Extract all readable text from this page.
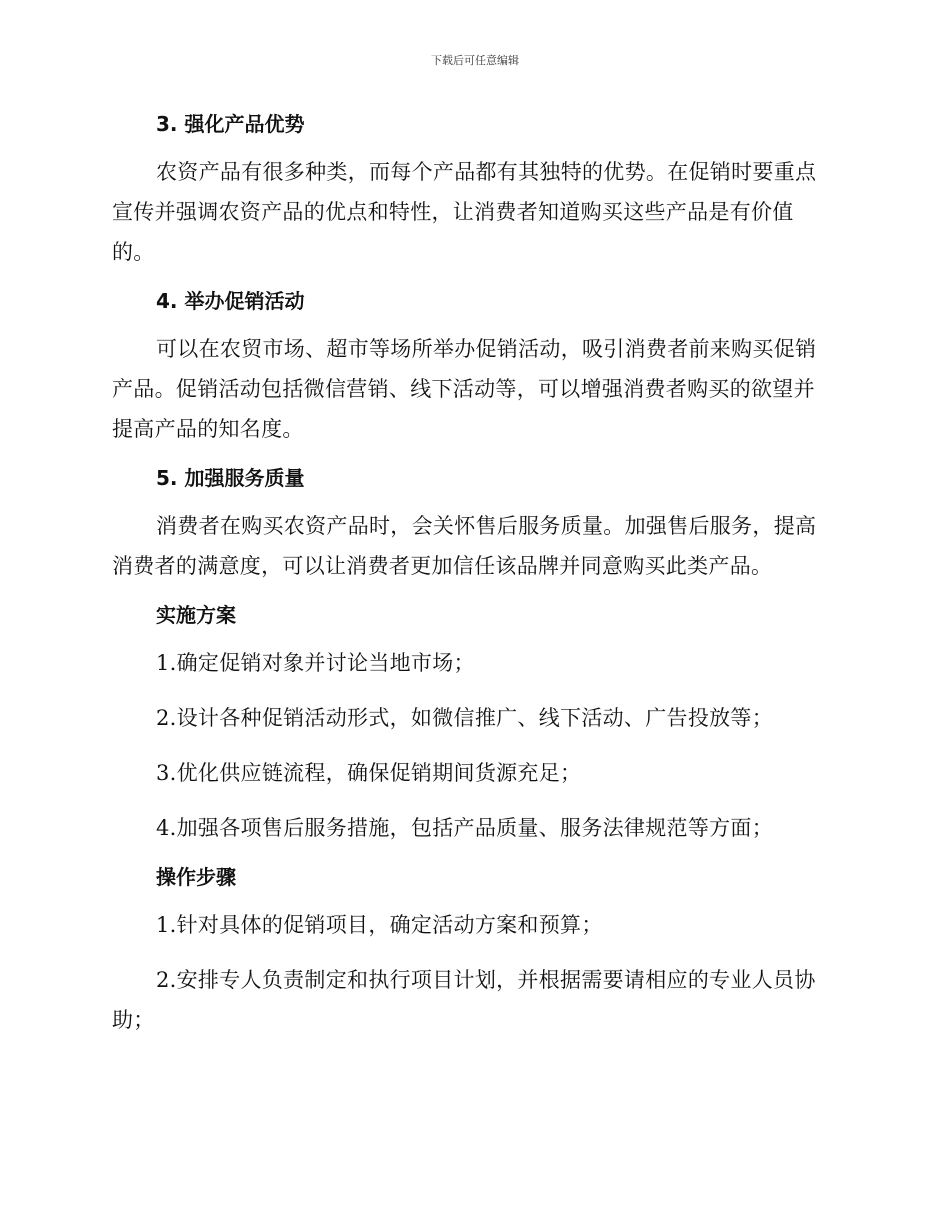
下载后可任意编辑
3. 强化产品优势

农资产品有很多种类，而每个产品都有其独特的优势。在促销时要重点宣传并强调农资产品的优点和特性，让消费者知道购买这些产品是有价值的。

4. 举办促销活动

可以在农贸市场、超市等场所举办促销活动，吸引消费者前来购买促销产品。促销活动包括微信营销、线下活动等，可以增强消费者购买的欲望并提高产品的知名度。

5. 加强服务质量

消费者在购买农资产品时，会关怀售后服务质量。加强售后服务，提高消费者的满意度，可以让消费者更加信任该品牌并同意购买此类产品。

实施方案

1.确定促销对象并讨论当地市场；

2.设计各种促销活动形式，如微信推广、线下活动、广告投放等；

3.优化供应链流程，确保促销期间货源充足；

4.加强各项售后服务措施，包括产品质量、服务法律规范等方面；

操作步骤

1.针对具体的促销项目，确定活动方案和预算；

2.安排专人负责制定和执行项目计划，并根据需要请相应的专业人员协助；
